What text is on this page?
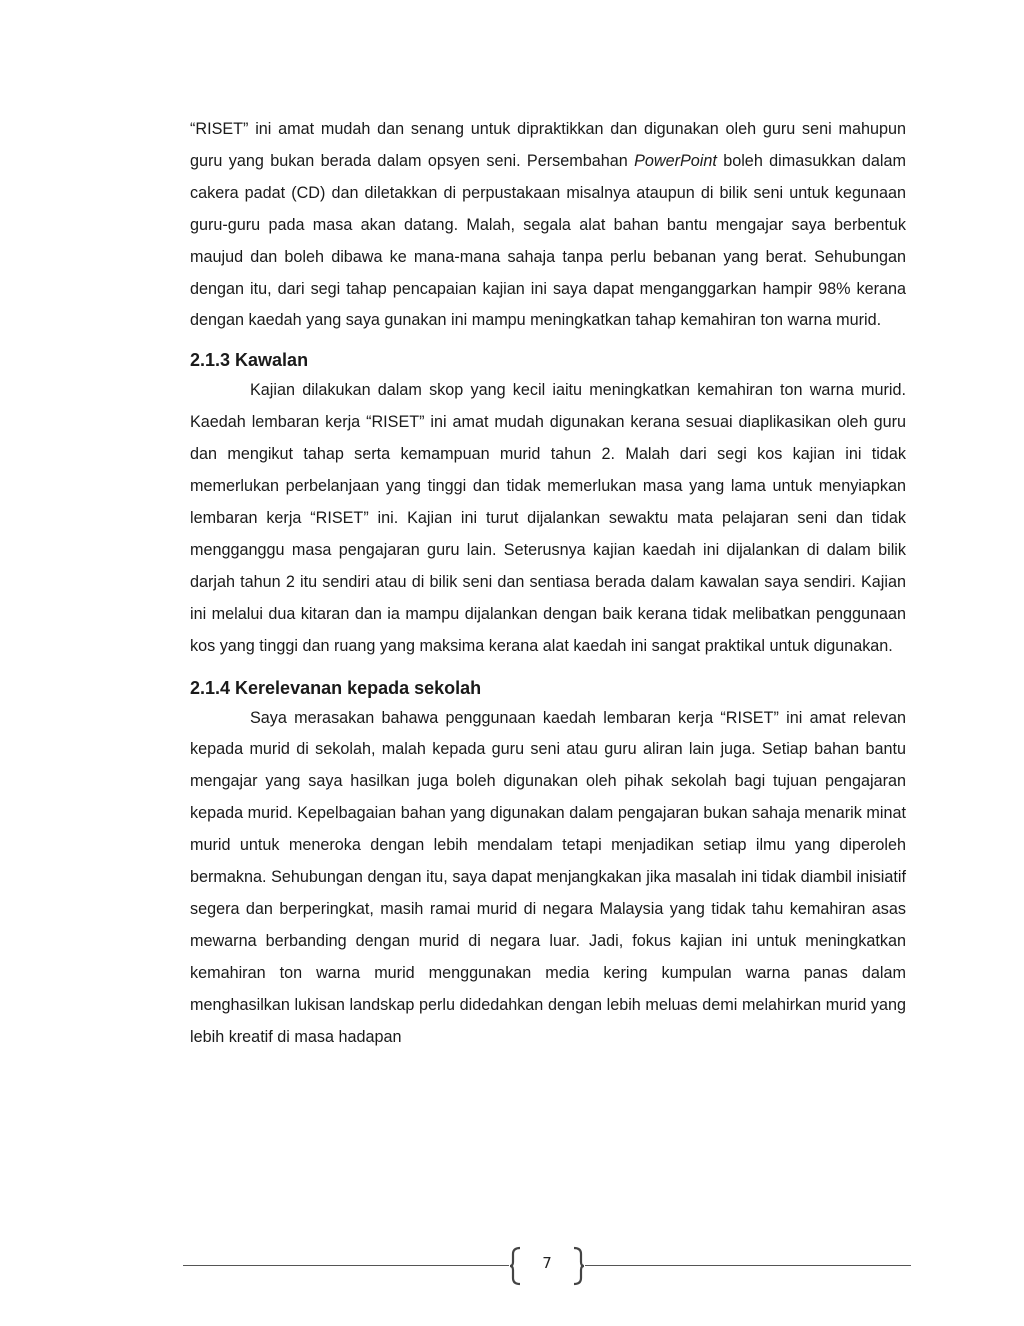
“RISET” ini amat mudah dan senang untuk dipraktikkan dan digunakan oleh guru seni mahupun guru yang bukan berada dalam opsyen seni. Persembahan PowerPoint boleh dimasukkan dalam cakera padat (CD) dan diletakkan di perpustakaan misalnya ataupun di bilik seni untuk kegunaan guru-guru pada masa akan datang. Malah, segala alat bahan bantu mengajar saya berbentuk maujud dan boleh dibawa ke mana-mana sahaja tanpa perlu bebanan yang berat. Sehubungan dengan itu, dari segi tahap pencapaian kajian ini saya dapat menganggarkan hampir 98% kerana dengan kaedah yang saya gunakan ini mampu meningkatkan tahap kemahiran ton warna murid.

2.1.3 Kawalan

Kajian dilakukan dalam skop yang kecil iaitu meningkatkan kemahiran ton warna murid. Kaedah lembaran kerja “RISET” ini amat mudah digunakan kerana sesuai diaplikasikan oleh guru dan mengikut tahap serta kemampuan murid tahun 2. Malah dari segi kos kajian ini tidak memerlukan perbelanjaan yang tinggi dan tidak memerlukan masa yang lama untuk menyiapkan lembaran kerja “RISET” ini. Kajian ini turut dijalankan sewaktu mata pelajaran seni dan tidak mengganggu masa pengajaran guru lain. Seterusnya kajian kaedah ini dijalankan di dalam bilik darjah tahun 2 itu sendiri atau di bilik seni dan sentiasa berada dalam kawalan saya sendiri. Kajian ini melalui dua kitaran dan ia mampu dijalankan dengan baik kerana tidak melibatkan penggunaan kos yang tinggi dan ruang yang maksima kerana alat kaedah ini sangat praktikal untuk digunakan.

2.1.4 Kerelevanan kepada sekolah

Saya merasakan bahawa penggunaan kaedah lembaran kerja “RISET” ini amat relevan kepada murid di sekolah, malah kepada guru seni atau guru aliran lain juga. Setiap bahan bantu mengajar yang saya hasilkan juga boleh digunakan oleh pihak sekolah bagi tujuan pengajaran kepada murid. Kepelbagaian bahan yang digunakan dalam pengajaran bukan sahaja menarik minat murid untuk meneroka dengan lebih mendalam tetapi menjadikan setiap ilmu yang diperoleh bermakna. Sehubungan dengan itu, saya dapat menjangkakan jika masalah ini tidak diambil inisiatif segera dan berperingkat, masih ramai murid di negara Malaysia yang tidak tahu kemahiran asas mewarna berbanding dengan murid di negara luar. Jadi, fokus kajian ini untuk meningkatkan kemahiran ton warna murid menggunakan media kering kumpulan warna panas dalam menghasilkan lukisan landskap perlu didedahkan dengan lebih meluas demi melahirkan murid yang lebih kreatif di masa hadapan

7
